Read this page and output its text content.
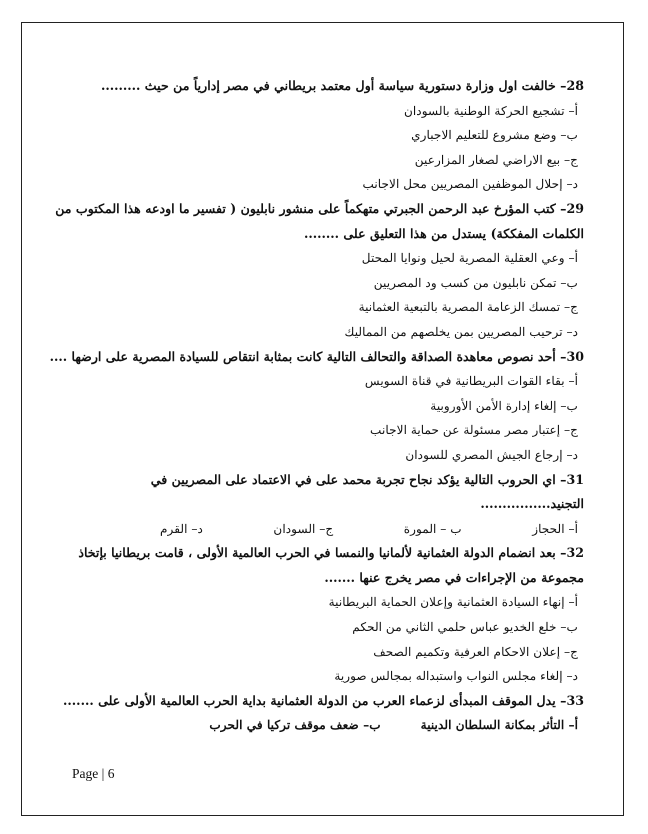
28– خالفت اول وزارة دستورية سياسة أول معتمد بريطاني في مصر إدارياً من حيث .........
أ– تشجيع الحركة الوطنية بالسودان
ب– وضع مشروع للتعليم الاجباري
ج– بيع الاراضي لصغار المزارعين
د– إحلال الموظفين المصريين محل الاجانب
29– كتب المؤرخ عبد الرحمن الجبرتي متهكماً على منشور نابليون ( تفسير ما اودعه هذا المكتوب من
الكلمات المفككة) يستدل من هذا التعليق على ........
أ– وعي العقلية المصرية لحيل ونوايا المحتل
ب– تمكن نابليون من كسب ود المصريين
ج– تمسك الزعامة المصرية بالتبعية العثمانية
د– ترحيب المصريين بمن يخلصهم من المماليك
30– أحد نصوص معاهدة الصداقة والتحالف التالية كانت بمثابة انتقاص للسيادة المصرية على ارضها ....
أ– بقاء القوات البريطانية في قناة السويس
ب– إلغاء إدارة الأمن الأوروبية
ج– إعتبار مصر مسئولة عن حماية الاجانب
د– إرجاع الجيش المصري للسودان
31– اي الحروب التالية يؤكد نجاح تجربة محمد على في الاعتماد على المصريين في
التجنيد................
أ– الحجاز
ب – المورة
ج– السودان
د– القرم
32– بعد انضمام الدولة العثمانية لألمانيا والنمسا في الحرب العالمية الأولى ، قامت بريطانيا بإتخاذ
مجموعة من الإجراءات في مصر يخرج عنها .......
أ– إنهاء السيادة العثمانية وإعلان الحماية البريطانية
ب– خلع الخديو عباس حلمي الثاني من الحكم
ج– إعلان الاحكام العرفية وتكميم الصحف
د– إلغاء مجلس النواب واستبداله بمجالس صورية
33– يدل الموقف المبدأى لزعماء العرب من الدولة العثمانية بداية الحرب العالمية الأولى على .......
أ– التأثر بمكانة السلطان الدينية
ب– ضعف موقف تركيا في الحرب
Page | 6
